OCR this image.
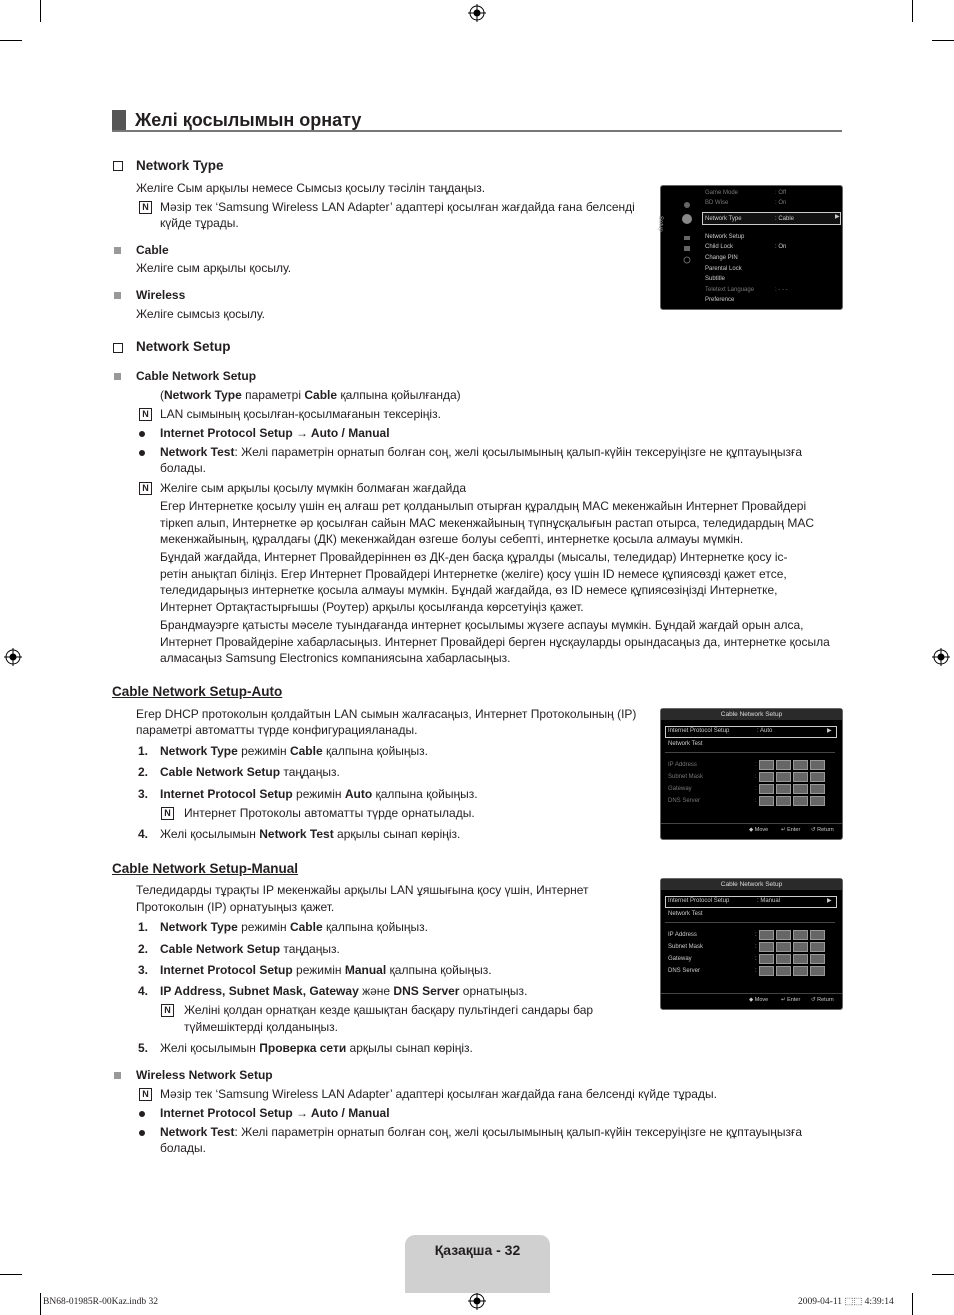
Желі қосылымын орнату
Network Type
Желіге Сым арқылы немесе Сымсыз қосылу тәсілін таңдаңыз.
N Мәзір тек ‘Samsung Wireless LAN Adapter’ адаптері қосылған жағдайда ғана белсенді
күйде тұрады.
Cable
Желіге сым арқылы қосылу.
Wireless
Желіге сымсыз қосылу.
Setup	▶
Game Mode	: Off
BD Wise	: On
Network Type	: Cable
Network Setup
Child Lock	: On
Change PIN
Parental Lock
Subtitle
Teletext Language	: - - -
Preference
Network Setup
Cable Network Setup
(Network Type параметрі Cable қалпына қойылғанда)
N LAN сымының қосылған-қосылмағанын тексеріңіз.
Internet Protocol Setup → Auto / Manual
Network Test: Желі параметрін орнатып болған соң, желі қосылымының қалып-күйін тексеруіңізге не құптауыңызға
болады.
N Желіге сым арқылы қосылу мүмкін болмаған жағдайда
Егер Интернетке қосылу үшін ең алғаш рет қолданылып отырған құралдың MAC мекенжайын Интернет Провайдері
тіркеп алып, Интернетке әр қосылған сайын MAC мекенжайының түпнұсқалығын растап отырса, теледидардың MAC
мекенжайының, құралдағы (ДК) мекенжайдан өзгеше болуы себепті, интернетке қосыла алмауы мүмкін.
Бұндай жағдайда, Интернет Провайдеріннен өз ДК-ден басқа құралды (мысалы, теледидар) Интернетке қосу іс-
ретін анықтап біліңіз. Егер Интернет Провайдері Интернетке (желіге) қосу үшін ID немесе құпиясөзді қажет етсе,
теледидарыңыз интернетке қосыла алмауы мүмкін. Бұндай жағдайда, өз ID немесе құпиясөзіңізді Интернетке,
Интернет Ортақтастырғышы (Роутер) арқылы қосылғанда көрсетуіңіз қажет.
Брандмауэрге қатысты мәселе туындағанда интернет қосылымы жүзеге аспауы мүмкін. Бұндай жағдай орын алса,
Интернет Провайдеріне хабарласыңыз. Интернет Провайдері берген нұсқауларды орындасаңыз да, интернетке қосыла
алмасаңыз Samsung Electronics компаниясына хабарласыңыз.
Cable Network Setup-Auto
Егер DHCP протоколын қолдайтын LAN сымын жалғасаңыз, Интернет Протоколының (IP)
параметрі автоматты түрде конфигурацияланады.
1. Network Type режимін Cable қалпына қойыңыз.
2. Cable Network Setup таңдаңыз.
3. Internet Protocol Setup режимін Auto қалпына қойыңыз.
N Интернет Протоколы автоматты түрде орнатылады.
4. Желі қосылымын Network Test арқылы сынап көріңіз.
Cable Network Setup
Internet Protocol Setup	: Auto	▶
Network Test
IP Address	:
Subnet Mask	:
Gateway	:
DNS Server	:
◆ Move ↵ Enter ↺ Return
Cable Network Setup-Manual
Теледидарды тұрақты IP мекенжайы арқылы LAN ұяшығына қосу үшін, Интернет
Протоколын (IP) орнатуыңыз қажет.
1. Network Type режимін Cable қалпына қойыңыз.
2. Cable Network Setup таңдаңыз.
3. Internet Protocol Setup режимін Manual қалпына қойыңыз.
4. IP Address, Subnet Mask, Gateway және DNS Server орнатыңыз.
N Желіні қолдан орнатқан кезде қашықтан басқару пультіндегі сандары бар
түймешіктерді қолданыңыз.
5. Желі қосылымын Проверка сети арқылы сынап көріңіз.
Cable Network Setup
Internet Protocol Setup	: Manual	▶
Network Test
IP Address	:
Subnet Mask	:
Gateway	:
DNS Server	:
◆ Move ↵ Enter ↺ Return
Wireless Network Setup
N Мәзір тек ‘Samsung Wireless LAN Adapter’ адаптері қосылған жағдайда ғана белсенді күйде тұрады.
Internet Protocol Setup → Auto / Manual
Network Test: Желі параметрін орнатып болған соң, желі қосылымының қалып-күйін тексеруіңізге не құптауыңызға
болады.
Қазақша - 32
BN68-01985R-00Kaz.indb 32	2009-04-11 ⬚⬚ 4:39:14
